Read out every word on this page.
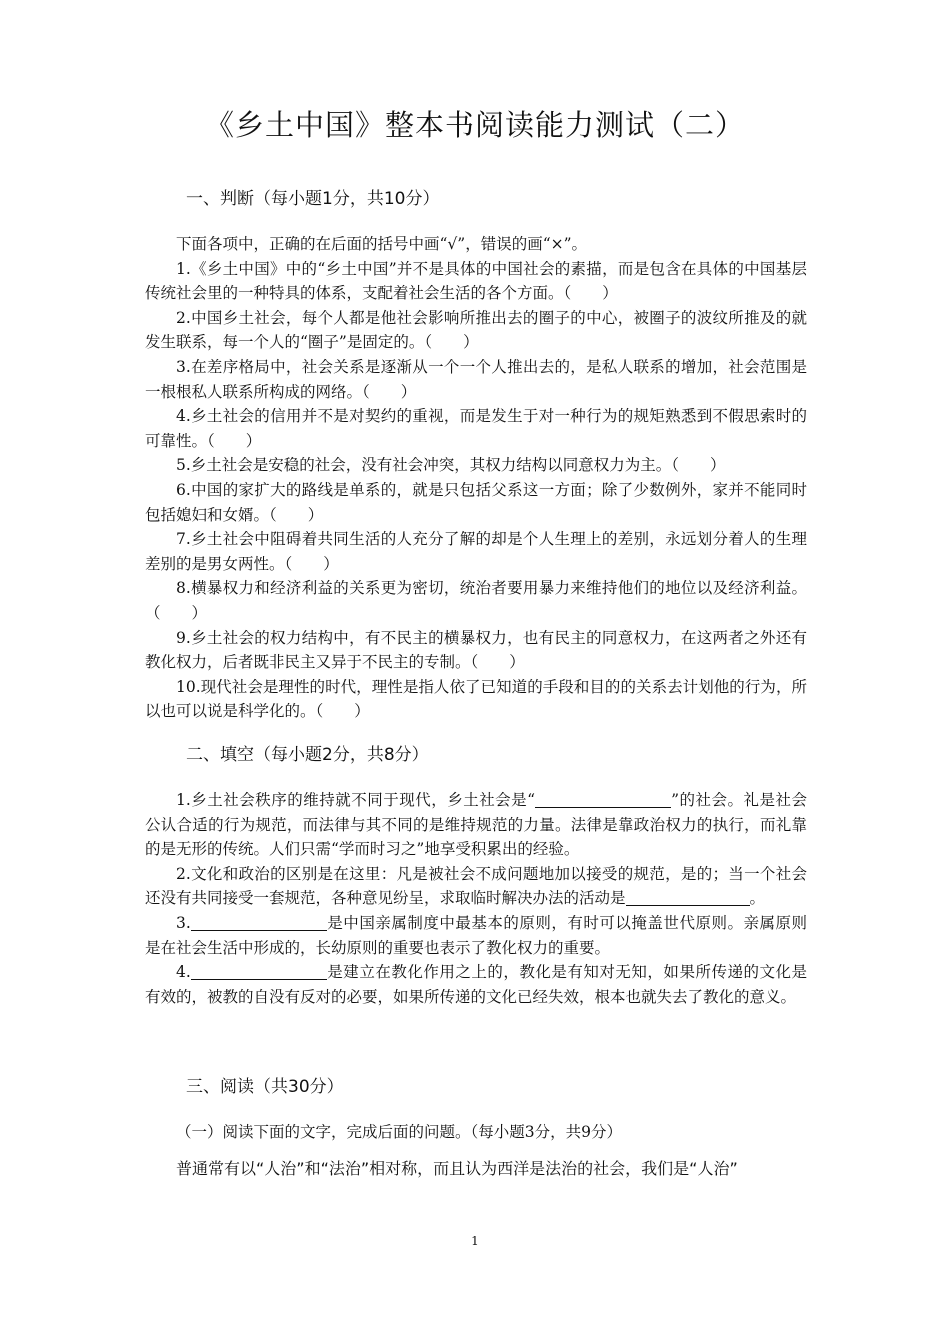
《乡土中国》整本书阅读能力测试（二）
一、判断（每小题1分，共10分）

下面各项中，正确的在后面的括号中画“√”，错误的画“×”。

1.《乡土中国》中的“乡土中国”并不是具体的中国社会的素描，而是包含在具体的中国基层传统社会里的一种特具的体系，支配着社会生活的各个方面。（　　）

2.中国乡土社会，每个人都是他社会影响所推出去的圈子的中心，被圈子的波纹所推及的就发生联系，每一个人的“圈子”是固定的。（　　）

3.在差序格局中，社会关系是逐渐从一个一个人推出去的，是私人联系的增加，社会范围是一根根私人联系所构成的网络。（　　）

4.乡土社会的信用并不是对契约的重视，而是发生于对一种行为的规矩熟悉到不假思索时的可靠性。（　　）

5.乡土社会是安稳的社会，没有社会冲突，其权力结构以同意权力为主。（　　）

6.中国的家扩大的路线是单系的，就是只包括父系这一方面；除了少数例外，家并不能同时包括媳妇和女婿。（　　）

7.乡土社会中阻碍着共同生活的人充分了解的却是个人生理上的差别，永远划分着人的生理差别的是男女两性。（　　）

8.横暴权力和经济利益的关系更为密切，统治者要用暴力来维持他们的地位以及经济利益。（　　）

9.乡土社会的权力结构中，有不民主的横暴权力，也有民主的同意权力，在这两者之外还有教化权力，后者既非民主又异于不民主的专制。（　　）

10.现代社会是理性的时代，理性是指人依了已知道的手段和目的的关系去计划他的行为，所以也可以说是科学化的。（　　）

二、填空（每小题2分，共8分）

1.乡土社会秩序的维持就不同于现代，乡土社会是“	”的社会。礼是社会公认合适的行为规范，而法律与其不同的是维持规范的力量。法律是靠政治权力的执行，而礼靠的是无形的传统。人们只需“学而时习之”地享受积累出的经验。

2.文化和政治的区别是在这里：凡是被社会不成问题地加以接受的规范，是的；当一个社会还没有共同接受一套规范，各种意见纷呈，求取临时解决办法的活动是	。

3.	是中国亲属制度中最基本的原则，有时可以掩盖世代原则。亲属原则是在社会生活中形成的，长幼原则的重要也表示了教化权力的重要。

4.	是建立在教化作用之上的，教化是有知对无知，如果所传递的文化是有效的，被教的自没有反对的必要，如果所传递的文化已经失效，根本也就失去了教化的意义。

三、阅读（共30分）
（一）阅读下面的文字，完成后面的问题。（每小题3分，共9分）
普通常有以“人治”和“法治”相对称，而且认为西洋是法治的社会，我们是“人治”
1
